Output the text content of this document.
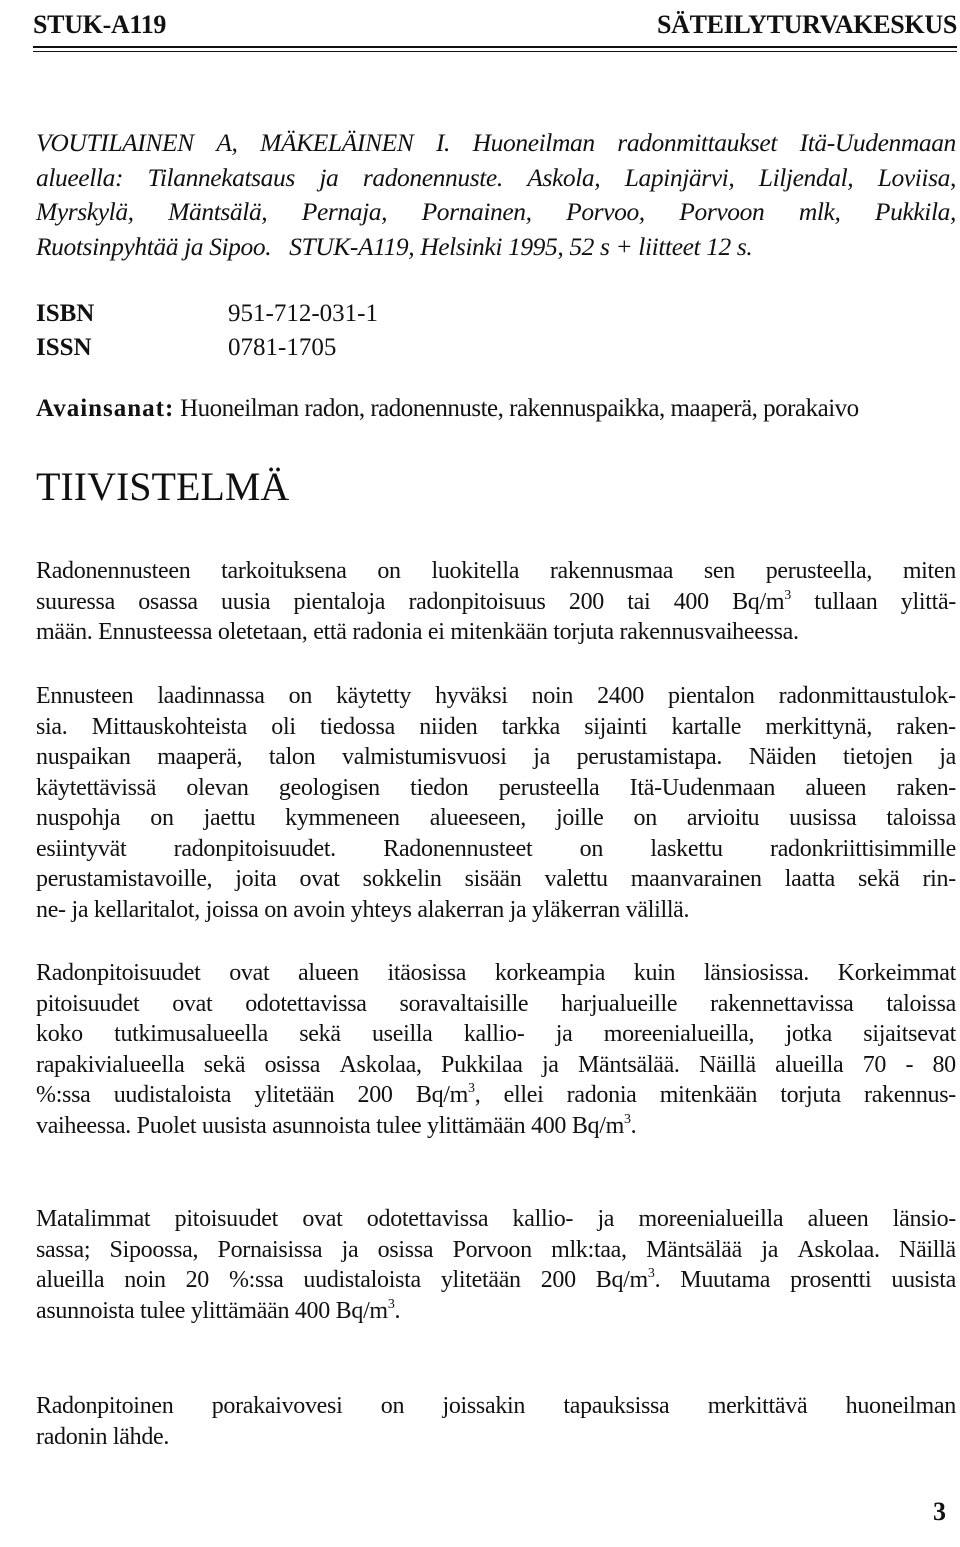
STUK-A119	SÄTEILYTURVAKESKUS
VOUTILAINEN A, MÄKELÄINEN I. Huoneilman radonmittaukset Itä-Uudenmaan
alueella: Tilannekatsaus ja radonennuste. Askola, Lapinjärvi, Liljendal, Loviisa,
Myrskylä, Mäntsälä, Pernaja, Pornainen, Porvoo, Porvoon mlk, Pukkila,
Ruotsinpyhtää ja Sipoo.   STUK-A119, Helsinki 1995, 52 s + liitteet 12 s.
ISBN	951-712-031-1
ISSN	0781-1705
Avainsanat: Huoneilman radon, radonennuste, rakennuspaikka, maaperä, porakaivo
TIIVISTELMÄ
Radonennusteen tarkoituksena on luokitella rakennusmaa sen perusteella, miten
suuressa osassa uusia pientaloja radonpitoisuus 200 tai 400 $Bq/m^3$ tullaan ylittä-
mään. Ennusteessa oletetaan, että radonia ei mitenkään torjuta rakennusvaiheessa.
Ennusteen laadinnassa on käytetty hyväksi noin 2400 pientalon radonmittaustulok-
sia. Mittauskohteista oli tiedossa niiden tarkka sijainti kartalle merkittynä, raken-
nuspaikan maaperä, talon valmistumisvuosi ja perustamistapa. Näiden tietojen ja
käytettävissä olevan geologisen tiedon perusteella Itä-Uudenmaan alueen raken-
nuspohja on jaettu kymmeneen alueeseen, joille on arvioitu uusissa taloissa
esiintyvät radonpitoisuudet. Radonennusteet on laskettu radonkriittisimmille
perustamistavoille, joita ovat sokkelin sisään valettu maanvarainen laatta sekä rin-
ne- ja kellaritalot, joissa on avoin yhteys alakerran ja yläkerran välillä.
Radonpitoisuudet ovat alueen itäosissa korkeampia kuin länsiosissa. Korkeimmat
pitoisuudet ovat odotettavissa soravaltaisille harjualueille rakennettavissa taloissa
koko tutkimusalueella sekä useilla kallio- ja moreenialueilla, jotka sijaitsevat
rapakivialueella sekä osissa Askolaa, Pukkilaa ja Mäntsälää. Näillä alueilla 70 - 80
%:ssa uudistaloista ylitetään 200 $Bq/m^3$, ellei radonia mitenkään torjuta rakennus-
vaiheessa. Puolet uusista asunnoista tulee ylittämään 400 $Bq/m^3$.
Matalimmat pitoisuudet ovat odotettavissa kallio- ja moreenialueilla alueen länsio-
sassa; Sipoossa, Pornaisissa ja osissa Porvoon mlk:taa, Mäntsälää ja Askolaa. Näillä
alueilla noin 20 %:ssa uudistaloista ylitetään 200 $Bq/m^3$. Muutama prosentti uusista
asunnoista tulee ylittämään 400 $Bq/m^3$.
Radonpitoinen porakaivovesi on joissakin tapauksissa merkittävä huoneilman
radonin lähde.
3
